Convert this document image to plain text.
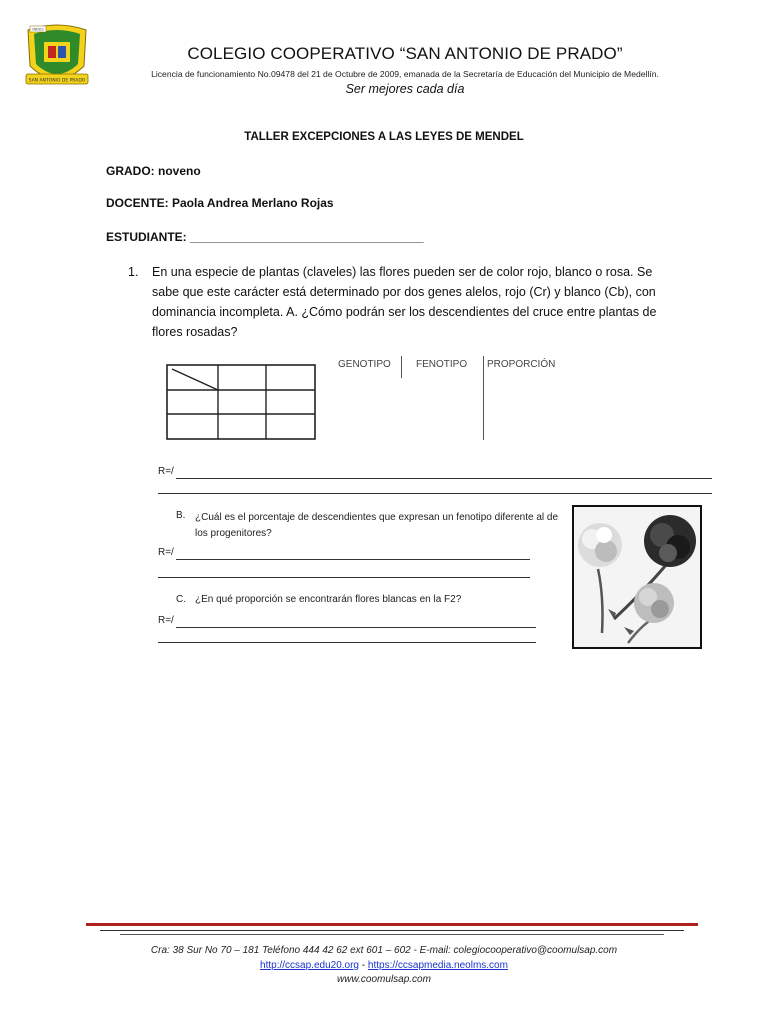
SAN ANTONIO DE PRADO
INDUS
COLEGIO COOPERATIVO “SAN ANTONIO DE PRADO”
Licencia de funcionamiento No.09478 del 21 de Octubre de 2009, emanada de la Secretaría de Educación del Municipio de Medellín.
Ser mejores cada día
TALLER EXCEPCIONES A LAS LEYES DE MENDEL
GRADO: noveno
DOCENTE: Paola Andrea Merlano Rojas
ESTUDIANTE: ___________________________________
1. En una especie de plantas (claveles) las flores pueden ser de color rojo, blanco o rosa. Se sabe que este carácter está determinado por dos genes alelos, rojo (Cr) y blanco (Cb), con dominancia incompleta. A. ¿Cómo podrán ser los descendientes del cruce entre plantas de flores rosadas?
GENOTIPO	FENOTIPO PROPORCIÓN
R=/
B. ¿Cuál es el porcentaje de descendientes que expresan un fenotipo diferente al de los progenitores?
R=/
C. ¿En qué proporción se encontrarán flores blancas en la F2?
R=/
Cra: 38 Sur No 70 – 181 Teléfono 444 42 62 ext 601 – 602 - E-mail: colegiocooperativo@coomulsap.com
http://ccsap.edu20.org - https://ccsapmedia.neolms.com
www.coomulsap.com
